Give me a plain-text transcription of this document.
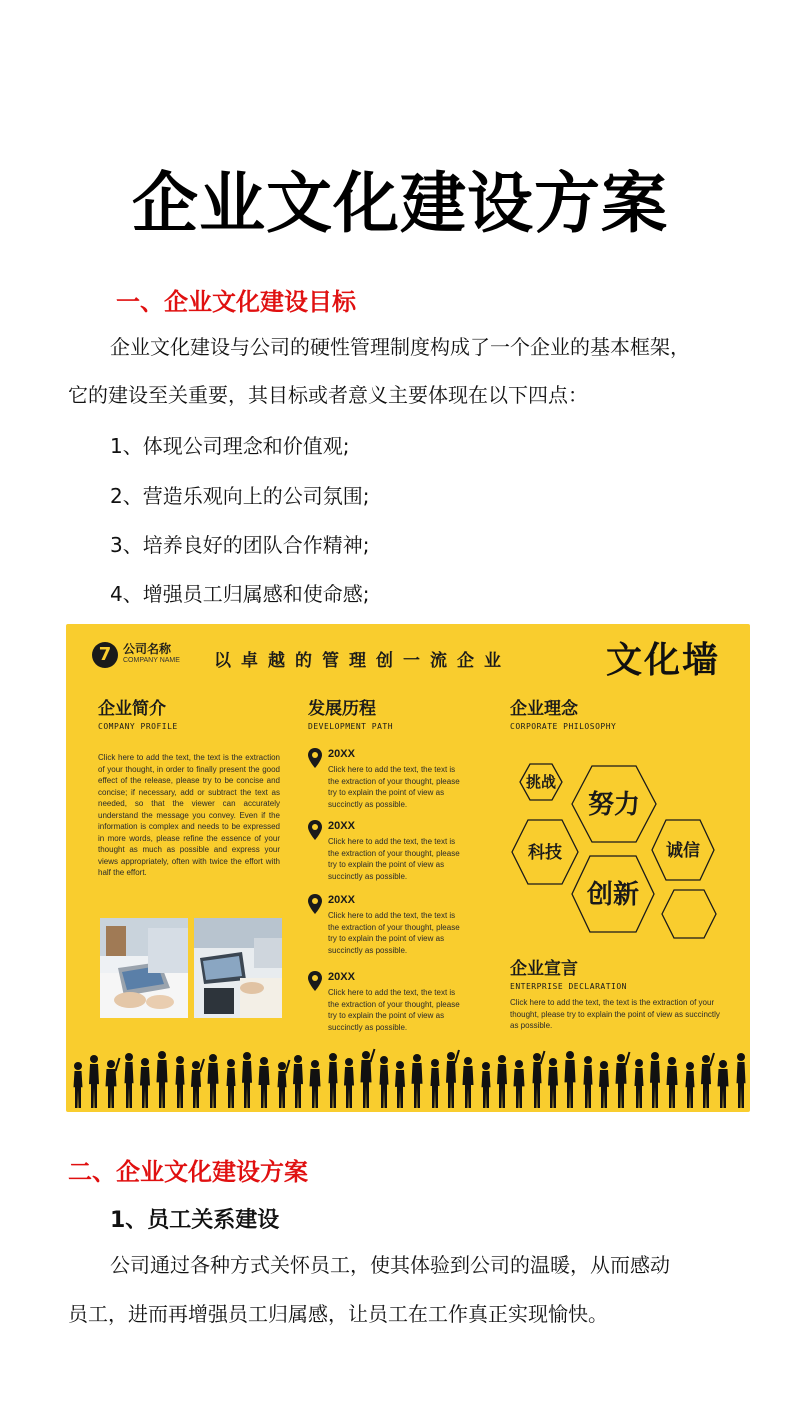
企业文化建设方案
一、企业文化建设目标
企业文化建设与公司的硬性管理制度构成了一个企业的基本框架，
它的建设至关重要，其目标或者意义主要体现在以下四点：
1、体现公司理念和价值观;
2、营造乐观向上的公司氛围;
3、培养良好的团队合作精神;
4、增强员工归属感和使命感;
7 公司名称
COMPANY NAME 以卓越的管理创一流企业	文化墙
企业简介
COMPANY PROFILE
Click here to add the text, the text is the extraction of your thought, in order to finally present the good effect of the release, please try to be concise and concise; if necessary, add or subtract the text as needed, so that the viewer can accurately understand the message you convey. Even if the information is complex and needs to be expressed in more words, please refine the essence of your thought as much as possible and express your views appropriately, often with twice the effort with half the effort.
发展历程
DEVELOPMENT PATH
20XX
Click here to add the text, the text is the extraction of your thought, please try to explain the point of view as succinctly as possible.
20XX
Click here to add the text, the text is the extraction of your thought, please try to explain the point of view as succinctly as possible.
20XX
Click here to add the text, the text is the extraction of your thought, please try to explain the point of view as succinctly as possible.
20XX
Click here to add the text, the text is the extraction of your thought, please try to explain the point of view as succinctly as possible.
企业理念
CORPORATE PHILOSOPHY
挑战
努力
科技	诚信
创新
企业宣言
ENTERPRISE DECLARATION
Click here to add the text, the text is the extraction of your thought, please try to explain the point of view as succinctly as possible.
二、企业文化建设方案
1、员工关系建设
公司通过各种方式关怀员工，使其体验到公司的温暖，从而感动
员工，进而再增强员工归属感，让员工在工作真正实现愉快。
